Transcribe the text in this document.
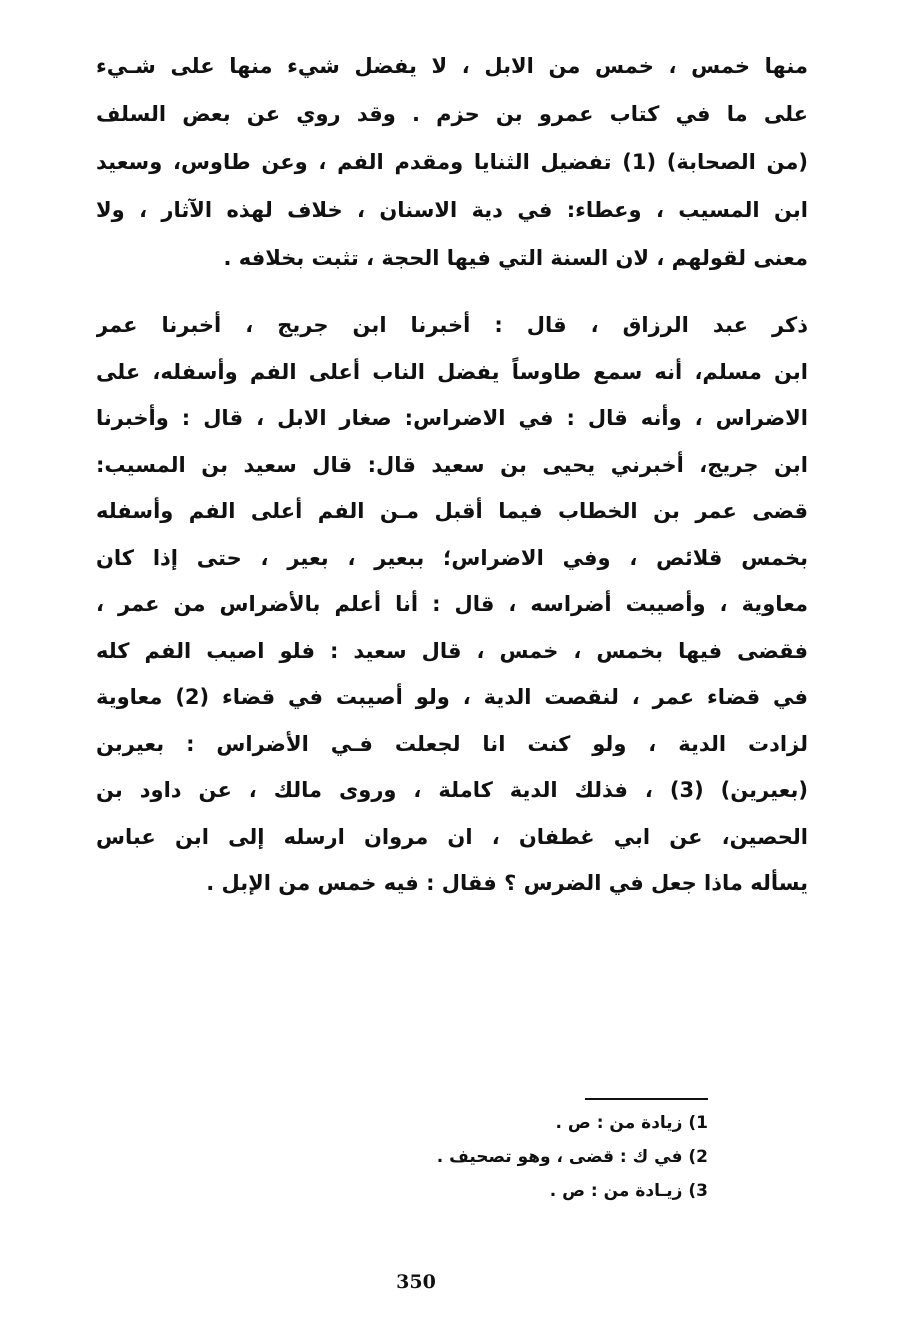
منها خمس ، خمس من الابل ، لا يفضل شيء منها على شـيء
على ما في كتاب عمرو بن حزم . وقد روي عن بعض السلف
(من الصحابة) (1) تفضيل الثنايا ومقدم الفم ، وعن طاوس، وسعيد
ابن المسيب ، وعطاء: في دية الاسنان ، خلاف لهذه الآثار ، ولا
معنى لقولهم ، لان السنة التي فيها الحجة ، تثبت بخلافه .
ذكر عبد الرزاق ، قال : أخبرنا ابن جريج ، أخبرنا عمر
ابن مسلم، أنه سمع طاوساً يفضل الناب أعلى الفم وأسفله، على
الاضراس ، وأنه قال : في الاضراس: صغار الابل ، قال : وأخبرنا
ابن جريج، أخبرني يحيى بن سعيد قال: قال سعيد بن المسيب:
قضى عمر بن الخطاب فيما أقبل مـن الفم أعلى الفم وأسفله
بخمس قلائص ، وفي الاضراس؛ ببعير ، بعير ، حتى إذا كان
معاوية ، وأصيبت أضراسه ، قال : أنا أعلم بالأضراس من عمر ،
فقضى فيها بخمس ، خمس ، قال سعيد : فلو اصيب الفم كله
في قضاء عمر ، لنقصت الدية ، ولو أصيبت في قضاء (2) معاوية
لزادت الدية ، ولو كنت انا لجعلت فـي الأضراس : بعيربن
(بعيرين) (3) ، فذلك الدية كاملة ، وروى مالك ، عن داود بن
الحصين، عن ابي غطفان ، ان مروان ارسله إلى ابن عباس
يسأله ماذا جعل في الضرس ؟ فقال : فيه خمس من الإبل .
1) زيادة من : ص .
2) في ك : قضى ، وهو تصحيف .
3) زيـادة من : ص .
350
